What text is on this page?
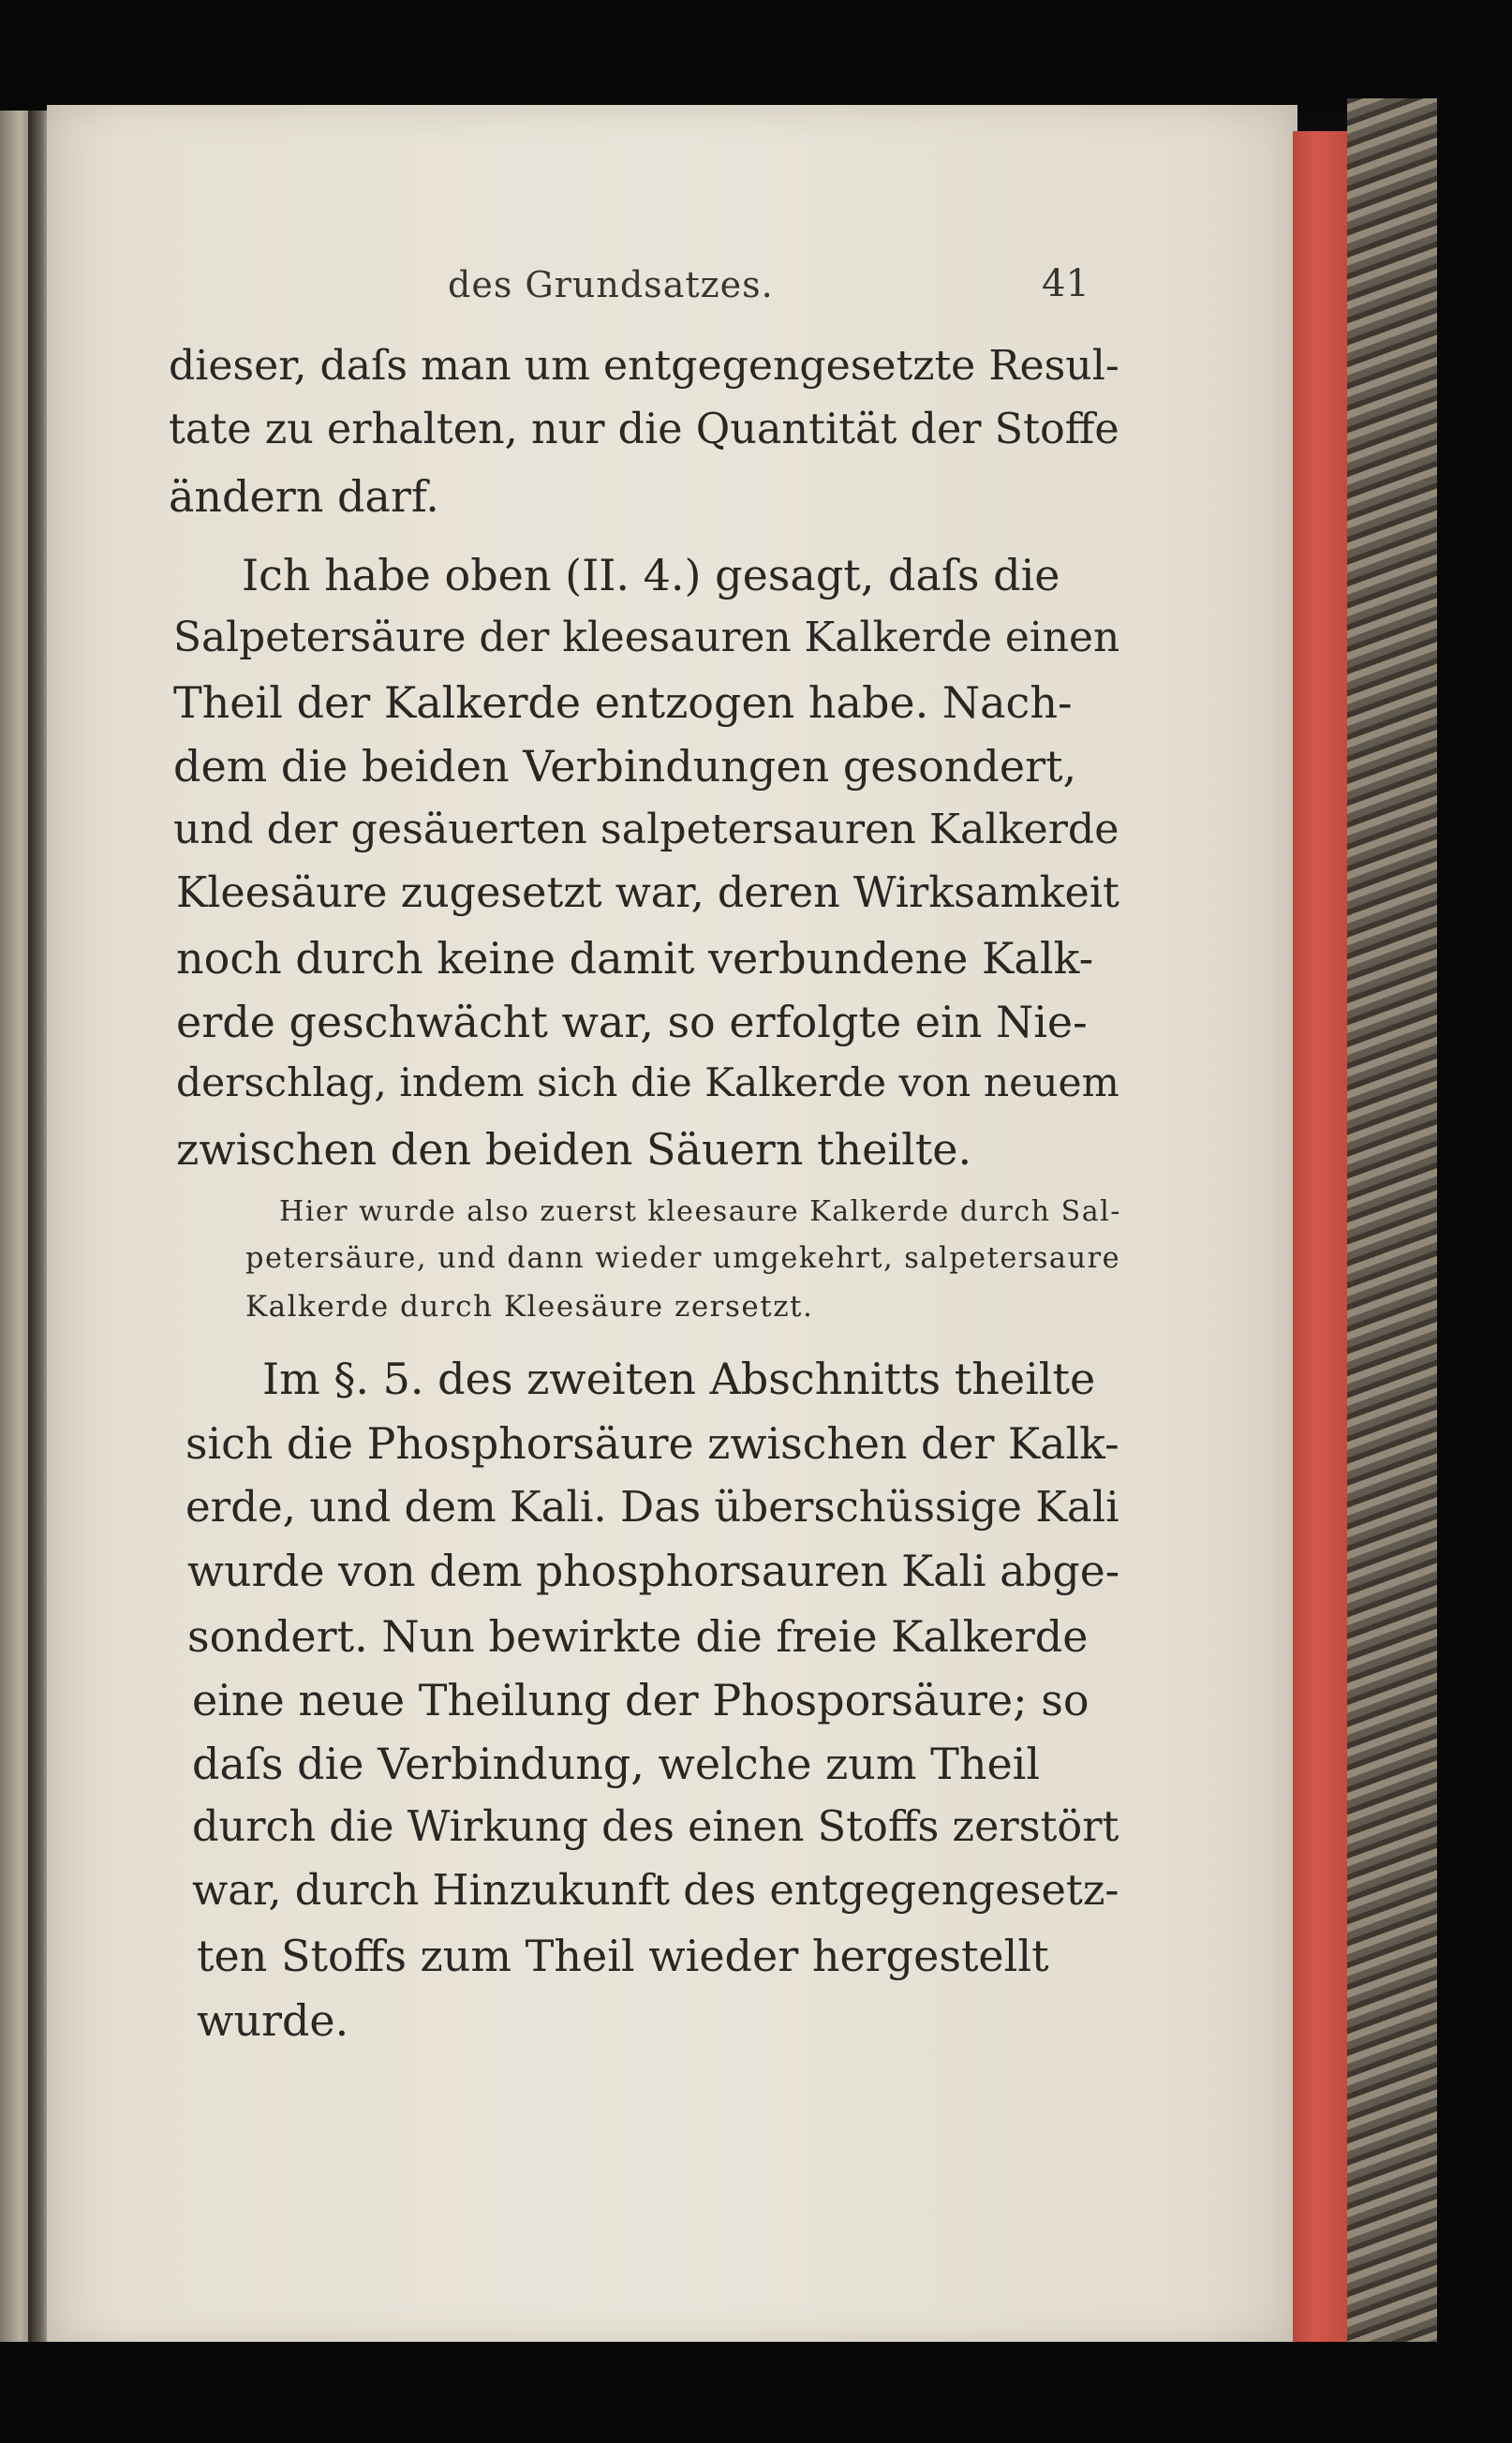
des Grundsatzes.	41
dieser, daſs man um entgegengesetzte Resul-
tate zu erhalten, nur die Quantität der Stoffe
ändern darf.
Ich habe oben (II. 4.) gesagt, daſs die
Salpetersäure der kleesauren Kalkerde einen
Theil der Kalkerde entzogen habe. Nach-
dem die beiden Verbindungen gesondert,
und der gesäuerten salpetersauren Kalkerde
Kleesäure zugesetzt war, deren Wirksamkeit
noch durch keine damit verbundene Kalk-
erde geschwächt war, so erfolgte ein Nie-
derschlag, indem sich die Kalkerde von neuem
zwischen den beiden Säuern theilte.
Hier wurde also zuerst kleesaure Kalkerde durch Sal-
petersäure, und dann wieder umgekehrt, salpetersaure
Kalkerde durch Kleesäure zersetzt.
Im §. 5. des zweiten Abschnitts theilte
sich die Phosphorsäure zwischen der Kalk-
erde, und dem Kali. Das überschüssige Kali
wurde von dem phosphorsauren Kali abge-
sondert. Nun bewirkte die freie Kalkerde
eine neue Theilung der Phosporsäure; so
daſs die Verbindung, welche zum Theil
durch die Wirkung des einen Stoffs zerstört
war, durch Hinzukunft des entgegengesetz-
ten Stoffs zum Theil wieder hergestellt
wurde.
